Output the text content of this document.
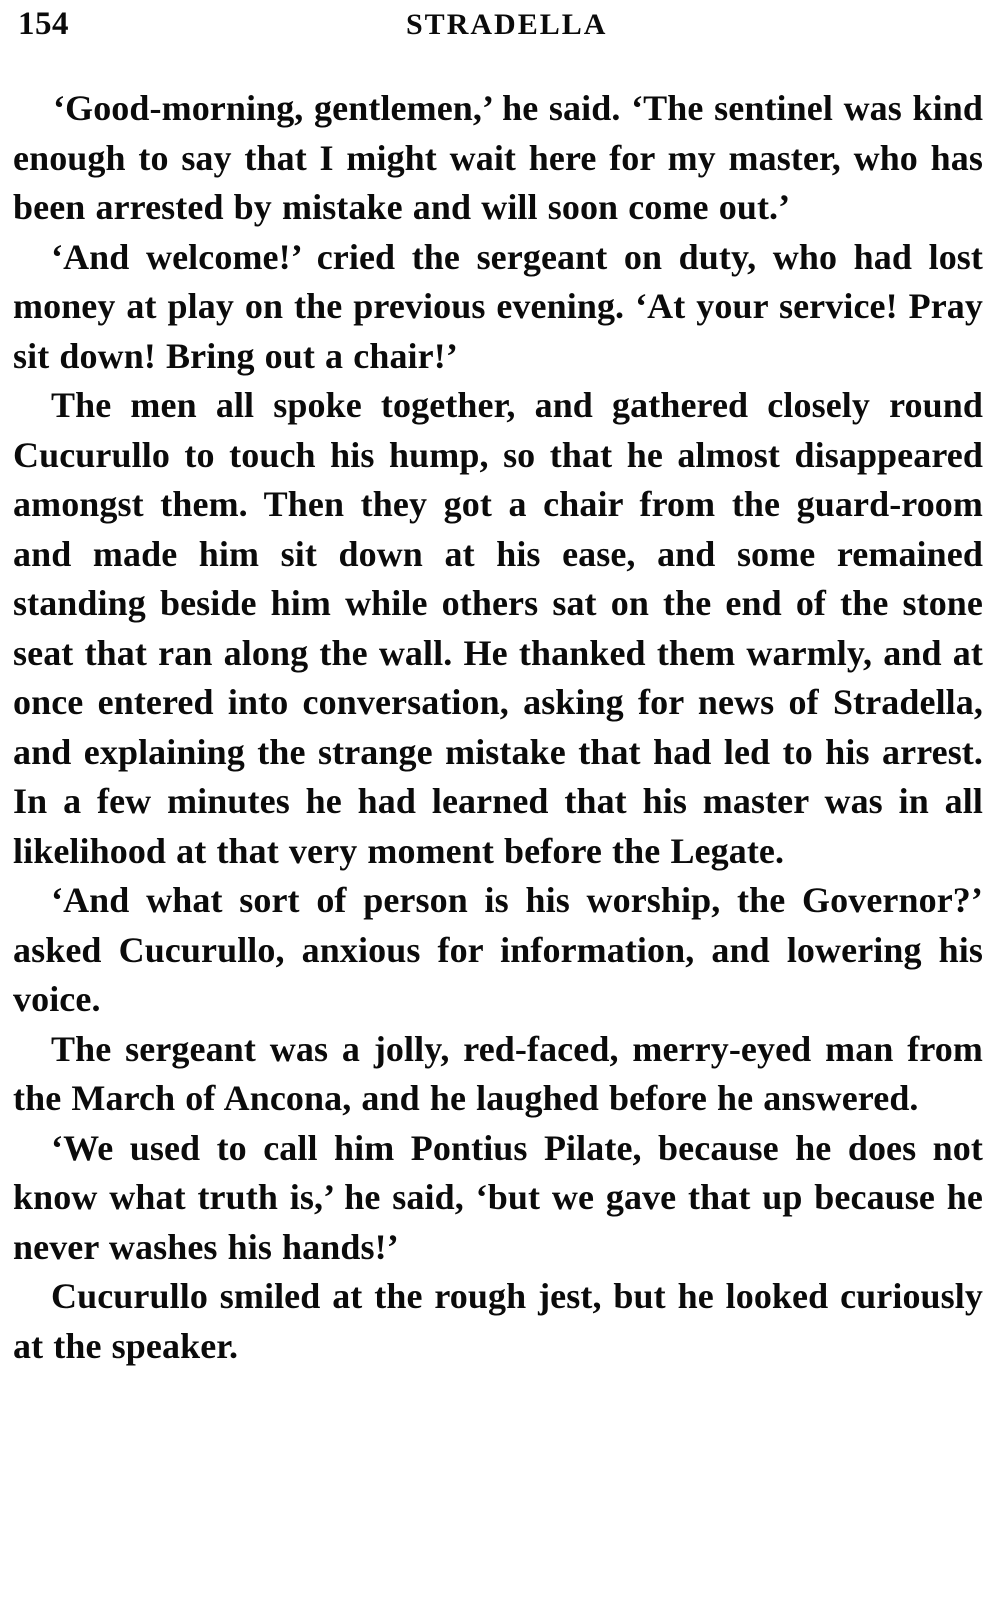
154	STRADELLA

‘Good-morning, gentlemen,’ he said. ‘The sentinel was kind enough to say that I might wait here for my master, who has been arrested by mistake and will soon come out.’

‘And welcome!’ cried the sergeant on duty, who had lost money at play on the previous evening. ‘At your service! Pray sit down! Bring out a chair!’

The men all spoke together, and gathered closely round Cucurullo to touch his hump, so that he almost disappeared amongst them. Then they got a chair from the guard-room and made him sit down at his ease, and some remained standing beside him while others sat on the end of the stone seat that ran along the wall. He thanked them warmly, and at once entered into conversation, asking for news of Stradella, and explaining the strange mistake that had led to his arrest. In a few minutes he had learned that his master was in all likelihood at that very moment before the Legate.

‘And what sort of person is his worship, the Governor?’ asked Cucurullo, anxious for information, and lowering his voice.

The sergeant was a jolly, red-faced, merry-eyed man from the March of Ancona, and he laughed before he answered.

‘We used to call him Pontius Pilate, because he does not know what truth is,’ he said, ‘but we gave that up because he never washes his hands!’

Cucurullo smiled at the rough jest, but he looked curiously at the speaker.
